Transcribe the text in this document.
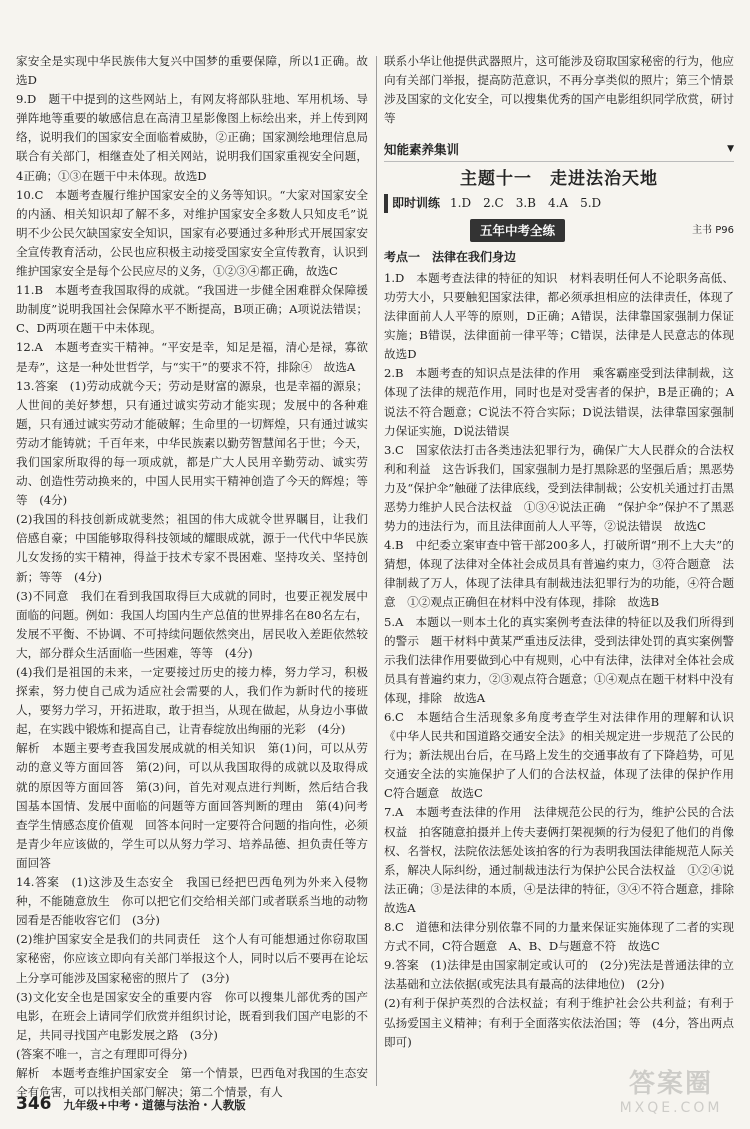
家安全是实现中华民族伟大复兴中国梦的重要保障，所以1正确。故选D

9.D　题干中提到的这些网站上，有网友将部队驻地、军用机场、导弹阵地等重要的敏感信息在高清卫星影像图上标绘出来，并上传到网络，说明我们的国家安全面临着威胁，②正确；国家测绘地理信息局联合有关部门，相继查处了相关网站，说明我们国家重视安全问题，4正确；①③在题干中未体现。故选D

10.C　本题考查履行维护国家安全的义务等知识。“大家对国家安全的内涵、相关知识却了解不多，对维护国家安全多数人只知皮毛”说明不少公民欠缺国家安全知识，国家有必要通过多种形式开展国家安全宣传教育活动，公民也应积极主动接受国家安全宣传教育，认识到维护国家安全是每个公民应尽的义务，①②③④都正确，故选C

11.B　本题考查我国取得的成就。“我国进一步健全困难群众保障援助制度”说明我国社会保障水平不断提高，B项正确；A项说法错误；C、D两项在题干中未体现。

12.A　本题考查实干精神。“平安是幸，知足是福，清心是禄，寡欲是寿”，这是一种处世哲学，与“实干”的要求不符，排除④　故选A

13.答案　(1)劳动成就今天；劳动是财富的源泉，也是幸福的源泉；人世间的美好梦想，只有通过诚实劳动才能实现；发展中的各种难题，只有通过诚实劳动才能破解；生命里的一切辉煌，只有通过诚实劳动才能铸就；千百年来，中华民族素以勤劳智慧闻名于世；今天，我们国家所取得的每一项成就，都是广大人民用辛勤劳动、诚实劳动、创造性劳动换来的，中国人民用实干精神创造了今天的辉煌；等等　(4分)

(2)我国的科技创新成就斐然；祖国的伟大成就令世界瞩目，让我们倍感自豪；中国能够取得科技领域的耀眼成就，源于一代代中华民族儿女发扬的实干精神，得益于技术专家不畏困难、坚持攻关、坚持创新；等等　(4分)

(3)不同意　我们在看到我国取得巨大成就的同时，也要正视发展中面临的问题。例如：我国人均国内生产总值的世界排名在80名左右，发展不平衡、不协调、不可持续问题依然突出，居民收入差距依然较大，部分群众生活面临一些困难，等等　(4分)

(4)我们是祖国的未来，一定要接过历史的接力棒，努力学习，积极探索，努力使自己成为适应社会需要的人，我们作为新时代的接班人，要努力学习，开拓进取，敢于担当，从现在做起，从身边小事做起，在实践中锻炼和提高自己，让青春绽放出绚丽的光彩　(4分)

解析　本题主要考查我国发展成就的相关知识　第(1)问，可以从劳动的意义等方面回答　第(2)问，可以从我国取得的成就以及取得成就的原因等方面回答　第(3)问，首先对观点进行判断，然后结合我国基本国情、发展中面临的问题等方面回答判断的理由　第(4)问考查学生情感态度价值观　回答本问时一定要符合问题的指向性，必须是青少年应该做的，学生可以从努力学习、培养品德、担负责任等方面回答

14.答案　(1)这涉及生态安全　我国已经把巴西龟列为外来入侵物种，不能随意放生　你可以把它们交给相关部门或者联系当地的动物园看是否能收容它们　(3分)

(2)维护国家安全是我们的共同责任　这个人有可能想通过你窃取国家秘密，你应该立即向有关部门举报这个人，同时以后不要再在论坛上分享可能涉及国家秘密的照片了　(3分)

(3)文化安全也是国家安全的重要内容　你可以搜集儿部优秀的国产电影，在班会上请同学们欣赏并组织讨论，既看到我们国产电影的不足，共同寻找国产电影发展之路　(3分)

(答案不唯一，言之有理即可得分)

解析　本题考查维护国家安全　第一个情景，巴西龟对我国的生态安全有危害，可以找相关部门解决；第二个情景，有人

联系小华让他提供武器照片，这可能涉及窃取国家秘密的行为，他应向有关部门举报，提高防范意识，不再分享类似的照片；第三个情景涉及国家的文化安全，可以搜集优秀的国产电影组织同学欣赏，研讨等

知能素养集训	▼
主题十一　走进法治天地
即时训练 1.D　2.C　3.B　4.A　5.D
五年中考全练	主书 P96
考点一　法律在我们身边

1.D　本题考查法律的特征的知识　材料表明任何人不论职务高低、功劳大小，只要触犯国家法律，都必须承担相应的法律责任，体现了法律面前人人平等的原则，D正确；A错误，法律靠国家强制力保证实施；B错误，法律面前一律平等；C错误，法律是人民意志的体现　故选D

2.B　本题考查的知识点是法律的作用　乘客霸座受到法律制裁，这体现了法律的规范作用，同时也是对受害者的保护，B是正确的；A说法不符合题意；C说法不符合实际；D说法错误，法律靠国家强制力保证实施，D说法错误

3.C　国家依法打击各类违法犯罪行为，确保广大人民群众的合法权利和利益　这告诉我们，国家强制力是打黑除恶的坚强后盾；黑恶势力及“保护伞”触碰了法律底线，受到法律制裁；公安机关通过打击黑恶势力维护人民合法权益　①③④说法正确　“保护伞”保护不了黑恶势力的违法行为，而且法律面前人人平等，②说法错误　故选C

4.B　中纪委立案审查中管干部200多人，打破所谓“刑不上大夫”的猜想，体现了法律对全体社会成员具有普遍约束力，③符合题意　法律制裁了万人，体现了法律具有制裁违法犯罪行为的功能，④符合题意　①②观点正确但在材料中没有体现，排除　故选B

5.A　本题以一则本土化的真实案例考查法律的特征以及我们所得到的警示　题干材料中黄某严重违反法律，受到法律处罚的真实案例警示我们法律作用要做到心中有规则，心中有法律，法律对全体社会成员具有普遍约束力，②③观点符合题意；①④观点在题干材料中没有体现，排除　故选A

6.C　本题结合生活现象多角度考查学生对法律作用的理解和认识　《中华人民共和国道路交通安全法》的相关规定进一步规范了公民的行为；新法规出台后，在马路上发生的交通事故有了下降趋势，可见交通安全法的实施保护了人们的合法权益，体现了法律的保护作用　C符合题意　故选C

7.A　本题考查法律的作用　法律规范公民的行为，维护公民的合法权益　拍客随意拍摄并上传夫妻俩打架视频的行为侵犯了他们的肖像权、名誉权，法院依法惩处该拍客的行为表明我国法律能规范人际关系，解决人际纠纷，通过制裁违法行为保护公民合法权益　①②④说法正确；③是法律的本质，④是法律的特征，③④不符合题意，排除　故选A

8.C　道德和法律分别依靠不同的力量来保证实施体现了二者的实现方式不同，C符合题意　A、B、D与题意不符　故选C

9.答案　(1)法律是由国家制定或认可的　(2分)宪法是普通法律的立法基础和立法依据(或宪法具有最高的法律地位)　(2分)

(2)有利于保护英烈的合法权益；有利于维护社会公共利益；有利于弘扬爱国主义精神；有利于全面落实依法治国；等　(4分，答出两点即可)

346 九年级+中考・道德与法治・人教版
答案圈
MXQE.COM
